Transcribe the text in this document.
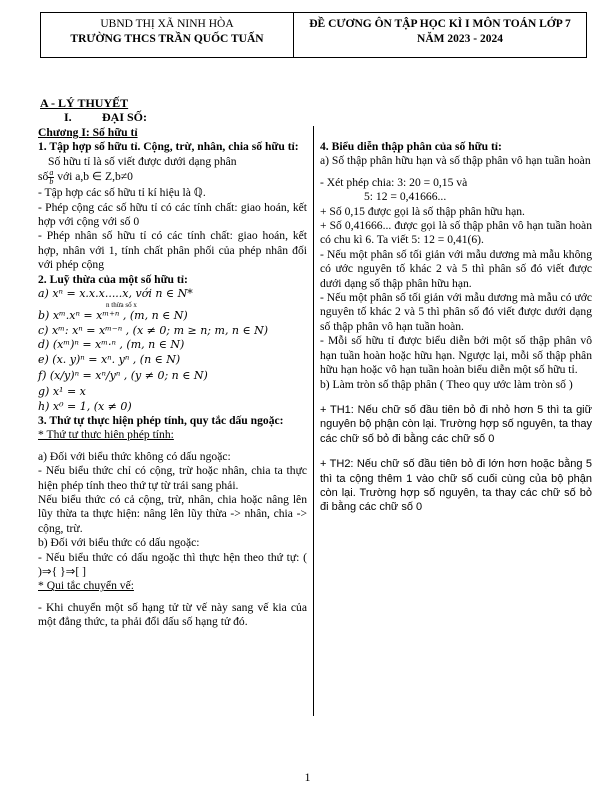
UBND THỊ XÃ NINH HÒA
TRƯỜNG THCS TRẦN QUỐC TUẤN
ĐỀ CƯƠNG ÔN TẬP HỌC KÌ I MÔN TOÁN LỚP 7
NĂM 2023 - 2024
A - LÝ THUYẾT
I.	ĐẠI SỐ:

Chương I: Số hữu tỉ

1. Tập hợp số hữu tỉ. Cộng, trừ, nhân, chia số hữu tỉ:

Số hữu tỉ là số viết được dưới dạng phân

số $\frac{a}{b}$ với a,b ∈ Z,b≠0

- Tập hợp các số hữu tỉ kí hiệu là ℚ.

- Phép cộng các số hữu tỉ có các tính chất: giao hoán, kết hợp với cộng với số 0

- Phép nhân số hữu tỉ có các tính chất: giao hoán, kết hợp, nhân với 1, tính chất phân phối của phép nhân đối với phép cộng

2. Luỹ thừa của một số hữu tỉ:

a) xⁿ = x.x.x.....x, với n ∈ N*

n thừa số x

b) xᵐ.xⁿ = xᵐ⁺ⁿ , (m, n ∈ N)

c) xᵐ: xⁿ = xᵐ⁻ⁿ , (x ≠ 0; m ≥ n; m, n ∈ N)

d) (xᵐ)ⁿ = xᵐ·ⁿ , (m, n ∈ N)

e) (x. y)ⁿ = xⁿ. yⁿ , (n ∈ N)

f) (x/y)ⁿ = xⁿ/yⁿ , (y ≠ 0; n ∈ N)

g) x¹ = x

h) x⁰ = 1, (x ≠ 0)

3. Thứ tự thực hiện phép tính, quy tắc dấu ngoặc:

* Thứ tư thưc hiên phép tính:

a) Đối với biểu thức không có dấu ngoặc:

- Nếu biểu thức chỉ có cộng, trừ hoặc nhân, chia ta thực hiện phép tính theo thứ tự từ trái sang phải.

Nếu biểu thức có cả cộng, trừ, nhân, chia hoặc nâng lên lũy thừa ta thực hiện: nâng lên lũy thừa -> nhân, chia -> cộng, trừ.

b) Đối với biểu thức có dấu ngoặc:

- Nếu biểu thức có dấu ngoặc thì thực hện theo thứ tự: ( )⇒{ }⇒[ ]

* Qui tắc chuyển vế:

- Khi chuyển một số hạng tử từ vế này sang vế kia của một đẳng thức, ta phải đổi dấu số hạng tử đó.

4. Biểu diễn thập phân của số hữu tỉ:

a) Số thập phân hữu hạn và số thập phân vô hạn tuần hoàn

- Xét phép chia: 3: 20 = 0,15 và

5: 12 = 0,41666...

+ Số 0,15 được gọi là số thập phân hữu hạn.

+ Số 0,41666... được gọi là số thập phân vô hạn tuần hoàn có chu kì 6. Ta viết 5: 12 = 0,41(6).

- Nếu một phân số tối giản với mẫu dương mà mẫu không có ước nguyên tố khác 2 và 5 thì phân số đó viết được dưới dạng số thập phân hữu hạn.

- Nếu một phân số tối giản với mẫu dương mà mẫu có ước nguyên tố khác 2 và 5 thì phân số đó viết được dưới dạng số thập phân vô hạn tuần hoàn.

- Mỗi số hữu tỉ được biểu diễn bởi một số thập phân vô hạn tuần hoàn hoặc hữu hạn. Ngược lại, mỗi số thập phân hữu hạn hoặc vô hạn tuần hoàn biểu diễn một số hữu tỉ.

b) Làm tròn số thập phân ( Theo quy ước làm tròn số )

+ TH1: Nếu chữ số đầu tiên bỏ đi nhỏ hơn 5 thì ta giữ nguyên bộ phận còn lại. Trường hợp số nguyên, ta thay các chữ số bỏ đi bằng các chữ số 0

+ TH2: Nếu chữ số đầu tiên bỏ đi lớn hơn hoặc bằng 5 thì ta cộng thêm 1 vào chữ số cuối cùng của bộ phận còn lại. Trường hợp số nguyên, ta thay các chữ số bỏ đi bằng các chữ số 0

1
